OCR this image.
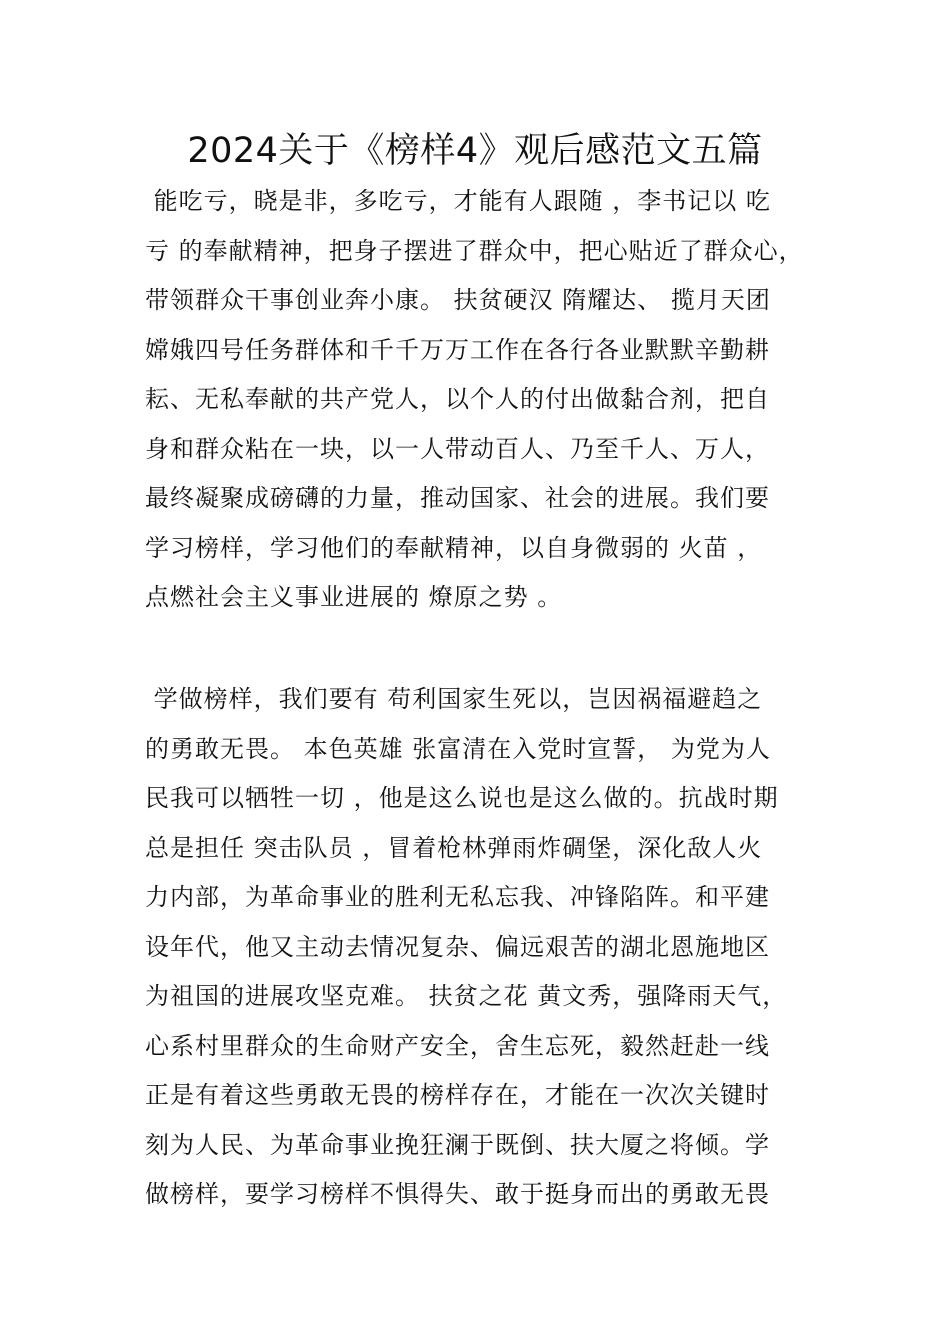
2024关于《榜样4》观后感范文五篇
能吃亏，晓是非，多吃亏，才能有人跟随 ，李书记以 吃
亏 的奉献精神，把身子摆进了群众中，把心贴近了群众心，
带领群众干事创业奔小康。 扶贫硬汉 隋耀达、 揽月天团
嫦娥四号任务群体和千千万万工作在各行各业默默辛勤耕
耘、无私奉献的共产党人，以个人的付出做黏合剂，把自
身和群众粘在一块，以一人带动百人、乃至千人、万人，
最终凝聚成磅礴的力量，推动国家、社会的进展。我们要
学习榜样，学习他们的奉献精神，以自身微弱的 火苗 ，
点燃社会主义事业进展的 燎原之势 。
学做榜样，我们要有 苟利国家生死以，岂因祸福避趋之
的勇敢无畏。 本色英雄 张富清在入党时宣誓， 为党为人
民我可以牺牲一切 ，他是这么说也是这么做的。抗战时期
总是担任 突击队员 ，冒着枪林弹雨炸碉堡，深化敌人火
力内部，为革命事业的胜利无私忘我、冲锋陷阵。和平建
设年代，他又主动去情况复杂、偏远艰苦的湖北恩施地区
为祖国的进展攻坚克难。 扶贫之花 黄文秀，强降雨天气，
心系村里群众的生命财产安全，舍生忘死，毅然赶赴一线
正是有着这些勇敢无畏的榜样存在，才能在一次次关键时
刻为人民、为革命事业挽狂澜于既倒、扶大厦之将倾。学
做榜样，要学习榜样不惧得失、敢于挺身而出的勇敢无畏
